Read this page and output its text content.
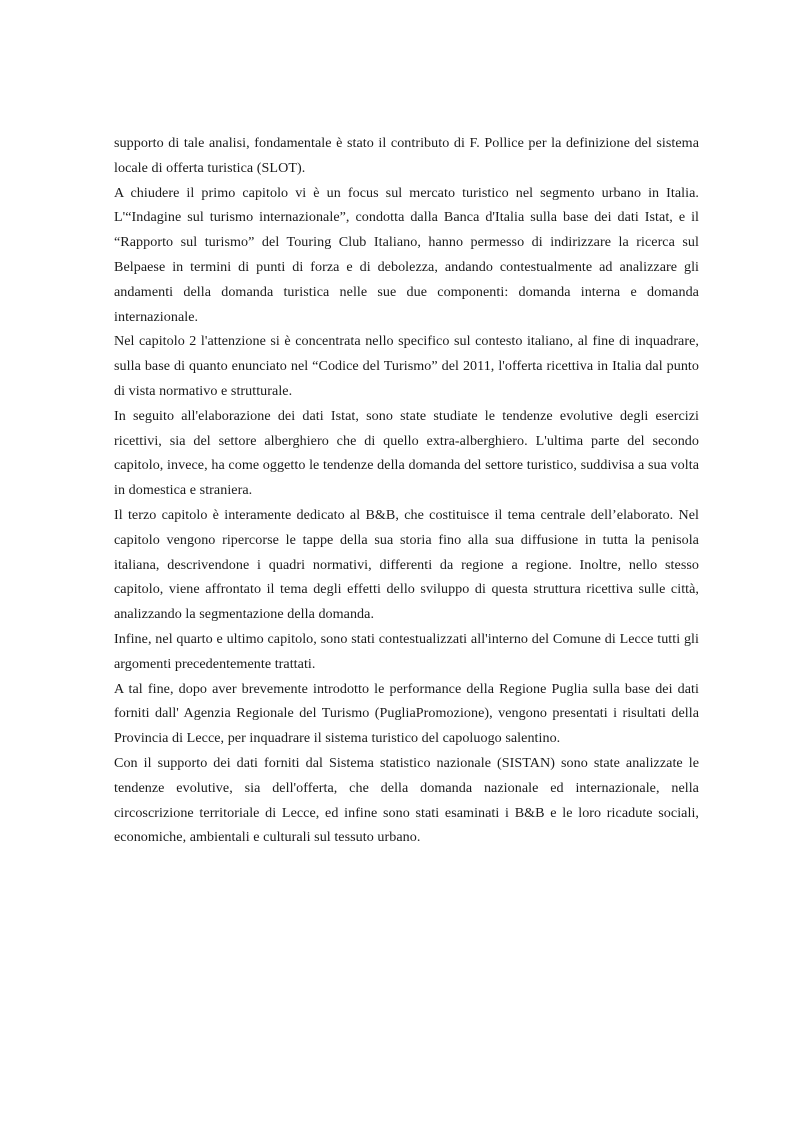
supporto di tale analisi, fondamentale è stato il contributo di F. Pollice per la definizione del sistema locale di offerta turistica (SLOT).

A chiudere il primo capitolo vi è un focus sul mercato turistico nel segmento urbano in Italia. L'“Indagine sul turismo internazionale”, condotta dalla Banca d'Italia sulla base dei dati Istat, e il “Rapporto sul turismo” del Touring Club Italiano, hanno permesso di indirizzare la ricerca sul Belpaese in termini di punti di forza e di debolezza, andando contestualmente ad analizzare gli andamenti della domanda turistica nelle sue due componenti: domanda interna e domanda internazionale.

Nel capitolo 2 l'attenzione si è concentrata nello specifico sul contesto italiano, al fine di inquadrare, sulla base di quanto enunciato nel “Codice del Turismo” del 2011, l'offerta ricettiva in Italia dal punto di vista normativo e strutturale.

In seguito all'elaborazione dei dati Istat, sono state studiate le tendenze evolutive degli esercizi ricettivi, sia del settore alberghiero che di quello extra-alberghiero. L'ultima parte del secondo capitolo, invece, ha come oggetto le tendenze della domanda del settore turistico, suddivisa a sua volta in domestica e straniera.

Il terzo capitolo è interamente dedicato al B&B, che costituisce il tema centrale dell’elaborato. Nel capitolo vengono ripercorse le tappe della sua storia fino alla sua diffusione in tutta la penisola italiana, descrivendone i quadri normativi, differenti da regione a regione. Inoltre, nello stesso capitolo, viene affrontato il tema degli effetti dello sviluppo di questa struttura ricettiva sulle città, analizzando la segmentazione della domanda.

Infine, nel quarto e ultimo capitolo, sono stati contestualizzati all'interno del Comune di Lecce tutti gli argomenti precedentemente trattati.

A tal fine, dopo aver brevemente introdotto le performance della Regione Puglia sulla base dei dati forniti dall' Agenzia Regionale del Turismo (PugliaPromozione), vengono presentati i risultati della Provincia di Lecce, per inquadrare il sistema turistico del capoluogo salentino.

Con il supporto dei dati forniti dal Sistema statistico nazionale (SISTAN) sono state analizzate le tendenze evolutive, sia dell'offerta, che della domanda nazionale ed internazionale, nella circoscrizione territoriale di Lecce, ed infine sono stati esaminati i B&B e le loro ricadute sociali, economiche, ambientali e culturali sul tessuto urbano.
